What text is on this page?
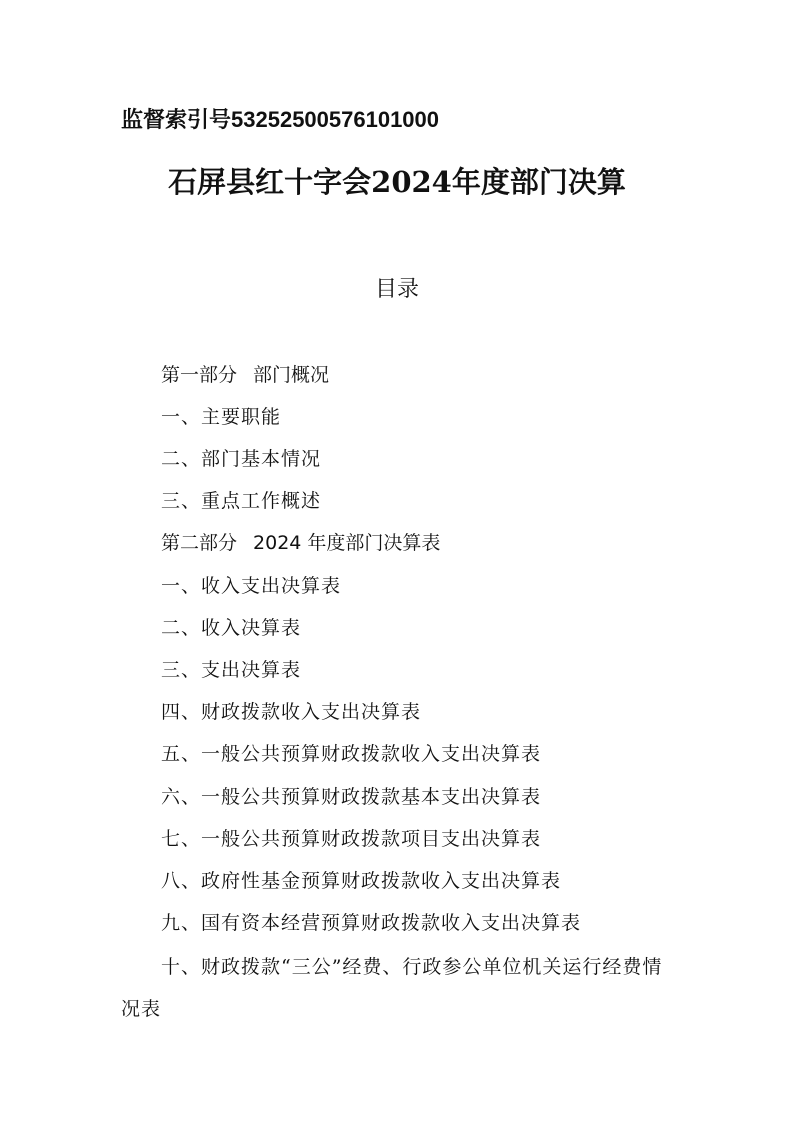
监督索引号53252500576101000
石屏县红十字会2024年度部门决算
目录
第一部分 部门概况
一、主要职能
二、部门基本情况
三、重点工作概述
第二部分 2024 年度部门决算表
一、收入支出决算表
二、收入决算表
三、支出决算表
四、财政拨款收入支出决算表
五、一般公共预算财政拨款收入支出决算表
六、一般公共预算财政拨款基本支出决算表
七、一般公共预算财政拨款项目支出决算表
八、政府性基金预算财政拨款收入支出决算表
九、国有资本经营预算财政拨款收入支出决算表
十、财政拨款“三公”经费、行政参公单位机关运行经费情
况表
